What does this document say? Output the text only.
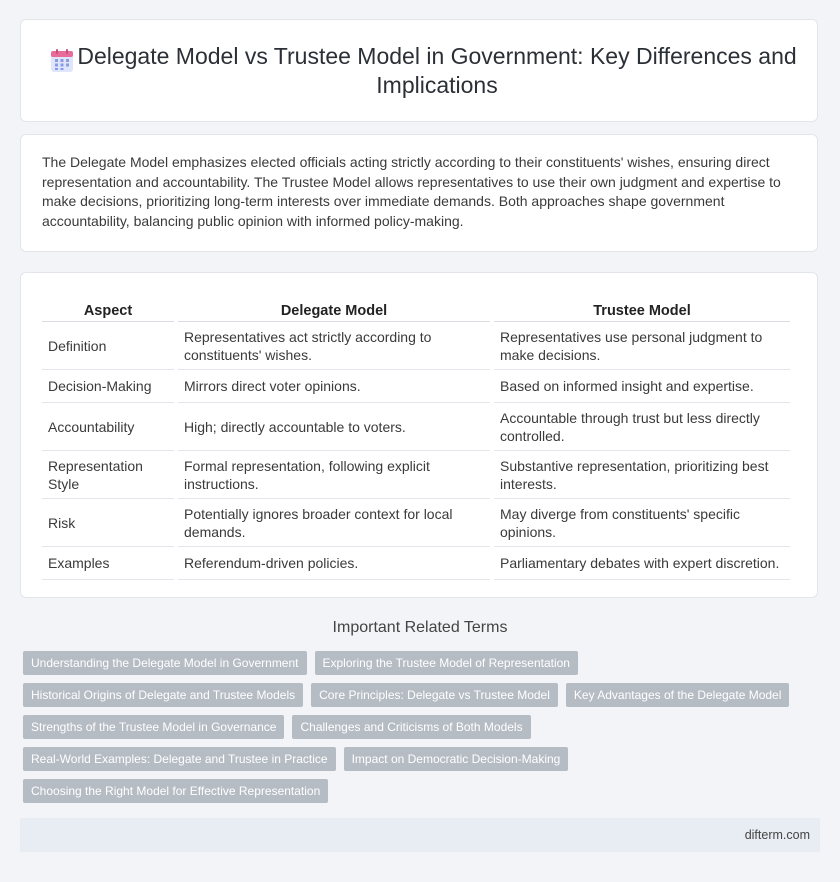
Delegate Model vs Trustee Model in Government: Key Differences and Implications

The Delegate Model emphasizes elected officials acting strictly according to their constituents' wishes, ensuring direct representation and accountability. The Trustee Model allows representatives to use their own judgment and expertise to make decisions, prioritizing long-term interests over immediate demands. Both approaches shape government accountability, balancing public opinion with informed policy-making.

Aspect	Delegate Model	Trustee Model
Definition	Representatives act strictly according to constituents' wishes.	Representatives use personal judgment to make decisions.
Decision-Making	Mirrors direct voter opinions.	Based on informed insight and expertise.
Accountability	High; directly accountable to voters.	Accountable through trust but less directly controlled.
Representation Style	Formal representation, following explicit instructions.	Substantive representation, prioritizing best interests.
Risk	Potentially ignores broader context for local demands.	May diverge from constituents' specific opinions.
Examples	Referendum-driven policies.	Parliamentary debates with expert discretion.
Important Related Terms
Understanding the Delegate Model in Government	Exploring the Trustee Model of Representation
Historical Origins of Delegate and Trustee Models	Core Principles: Delegate vs Trustee Model	Key Advantages of the Delegate Model
Strengths of the Trustee Model in Governance	Challenges and Criticisms of Both Models
Real-World Examples: Delegate and Trustee in Practice	Impact on Democratic Decision-Making
Choosing the Right Model for Effective Representation
difterm.com
